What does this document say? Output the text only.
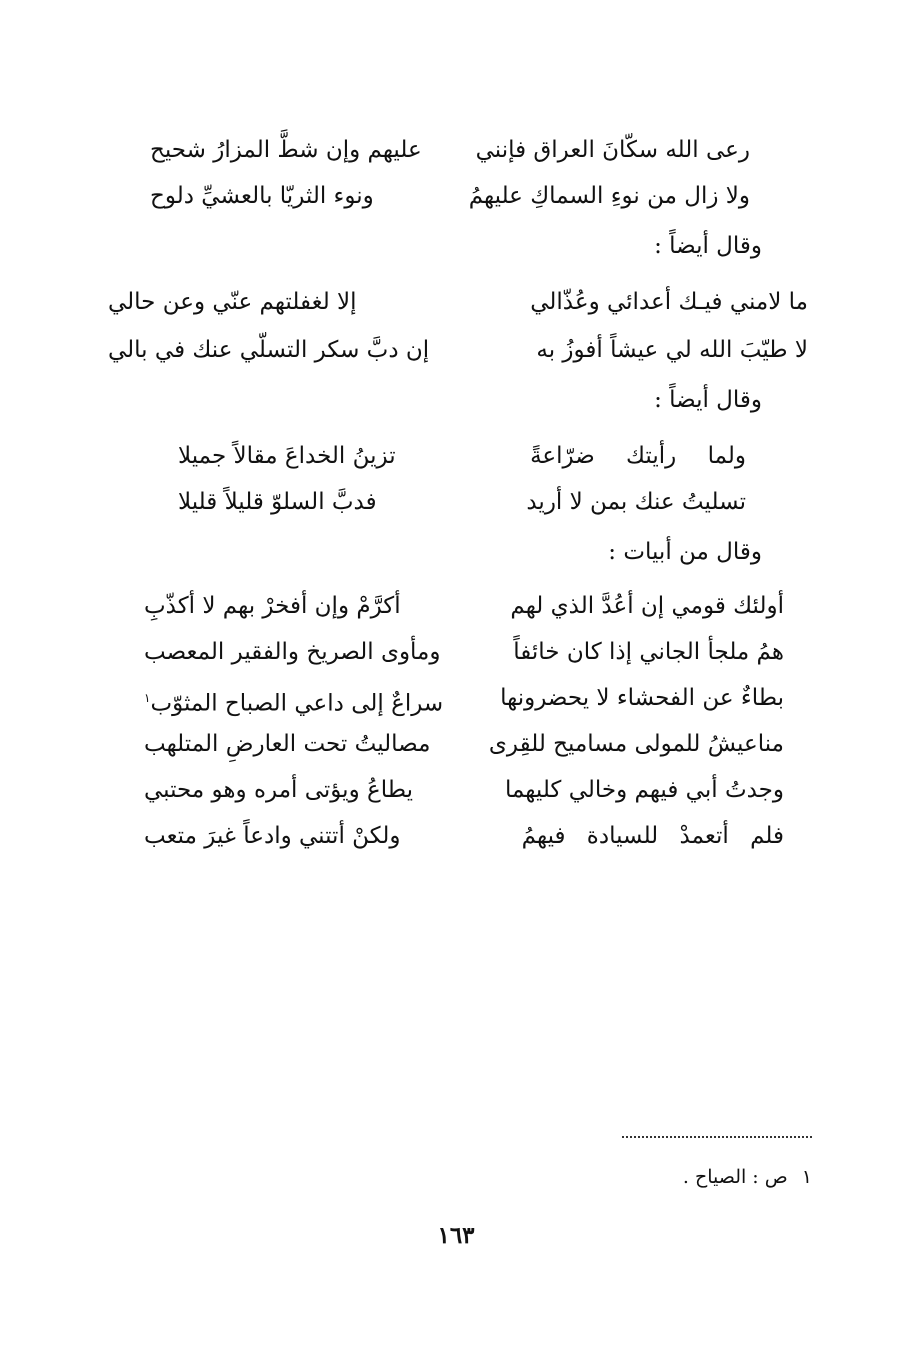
رعى الله سكّانَ العراق فإنني
عليهم وإن شطَّ المزارُ شحيح
ولا زال من نوءِ السماكِ عليهمُ
ونوء الثريّا بالعشيِّ دلوح
وقال أيضاً :
ما لامني فيـك أعدائي وعُذّالي
إلا لغفلتهم عنّي وعن حالي
لا طيّبَ الله لي عيشاً أفوزُ به
إن دبَّ سكر التسلّي عنك في بالي
وقال أيضاً :
ولما رأيتك ضرّاعةً
تزينُ الخداعَ مقالاً جميلا
تسليتُ عنك بمن لا أريد
فدبَّ السلوّ قليلاً قليلا
وقال من أبيات :
أولئك قومي إن أعُدَّ الذي لهم
أكرَّمْ وإن أفخرْ بهم لا أكذّبِ
همُ ملجأ الجاني إذا كان خائفاً
ومأوى الصريخ والفقير المعصب
بطاءٌ عن الفحشاء لا يحضرونها
سراعٌ إلى داعي الصباح المثوّب$^١$
مناعيشُ للمولى مساميح للقِرى
مصاليتُ تحت العارضِ المتلهب
وجدتُ أبي فيهم وخالي كليهما
يطاعُ ويؤتى أمره وهو محتبي
فلم أتعمدْ للسيادة فيهمُ
ولكنْ أتتني وادعاً غيرَ متعب
١ ص : الصياح .
١٦٣
